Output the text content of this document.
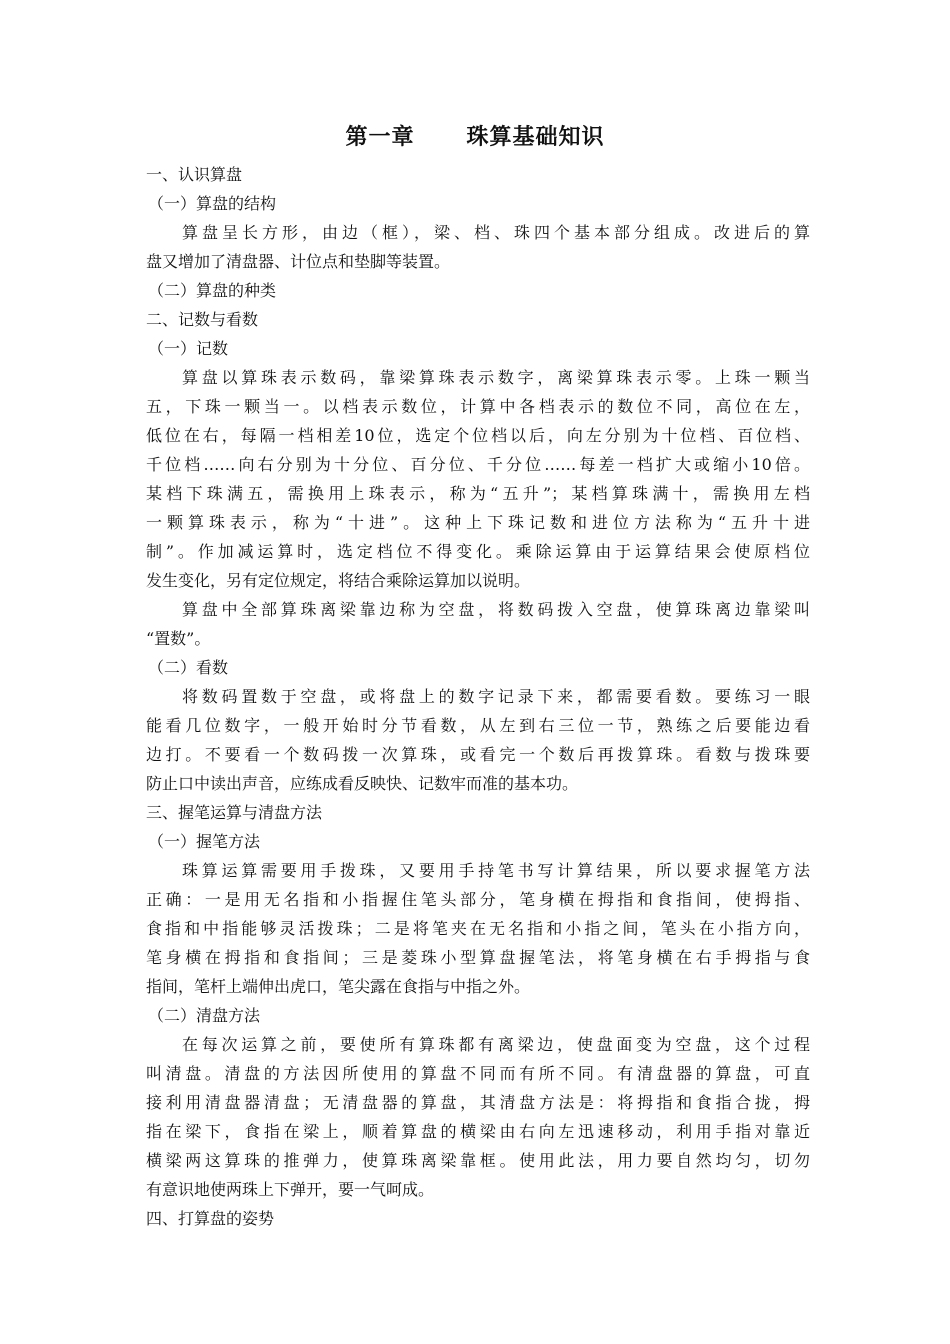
第一章 珠算基础知识
一、认识算盘
（一）算盘的结构
算盘呈长方形，由边（框），梁、档、珠四个基本部分组成。改进后的算
盘又增加了清盘器、计位点和垫脚等装置。
（二）算盘的种类
二、记数与看数
（一）记数
算盘以算珠表示数码，靠梁算珠表示数字，离梁算珠表示零。上珠一颗当
五，下珠一颗当一。以档表示数位，计算中各档表示的数位不同，高位在左，
低位在右，每隔一档相差10位，选定个位档以后，向左分别为十位档、百位档、
千位档……向右分别为十分位、百分位、千分位……每差一档扩大或缩小10倍。
某档下珠满五，需换用上珠表示，称为“五升”；某档算珠满十，需换用左档
一颗算珠表示，称为“十进”。这种上下珠记数和进位方法称为“五升十进
制”。作加减运算时，选定档位不得变化。乘除运算由于运算结果会使原档位
发生变化，另有定位规定，将结合乘除运算加以说明。
算盘中全部算珠离梁靠边称为空盘，将数码拨入空盘，使算珠离边靠梁叫
“置数”。
（二）看数
将数码置数于空盘，或将盘上的数字记录下来，都需要看数。要练习一眼
能看几位数字，一般开始时分节看数，从左到右三位一节，熟练之后要能边看
边打。不要看一个数码拨一次算珠，或看完一个数后再拨算珠。看数与拨珠要
防止口中读出声音，应练成看反映快、记数牢而准的基本功。
三、握笔运算与清盘方法
（一）握笔方法
珠算运算需要用手拨珠，又要用手持笔书写计算结果，所以要求握笔方法
正确：一是用无名指和小指握住笔头部分，笔身横在拇指和食指间，使拇指、
食指和中指能够灵活拨珠；二是将笔夹在无名指和小指之间，笔头在小指方向，
笔身横在拇指和食指间；三是菱珠小型算盘握笔法，将笔身横在右手拇指与食
指间，笔杆上端伸出虎口，笔尖露在食指与中指之外。
（二）清盘方法
在每次运算之前，要使所有算珠都有离梁边，使盘面变为空盘，这个过程
叫清盘。清盘的方法因所使用的算盘不同而有所不同。有清盘器的算盘，可直
接利用清盘器清盘；无清盘器的算盘，其清盘方法是：将拇指和食指合拢，拇
指在梁下，食指在梁上，顺着算盘的横梁由右向左迅速移动，利用手指对靠近
横梁两这算珠的推弹力，使算珠离梁靠框。使用此法，用力要自然均匀，切勿
有意识地使两珠上下弹开，要一气呵成。
四、打算盘的姿势
